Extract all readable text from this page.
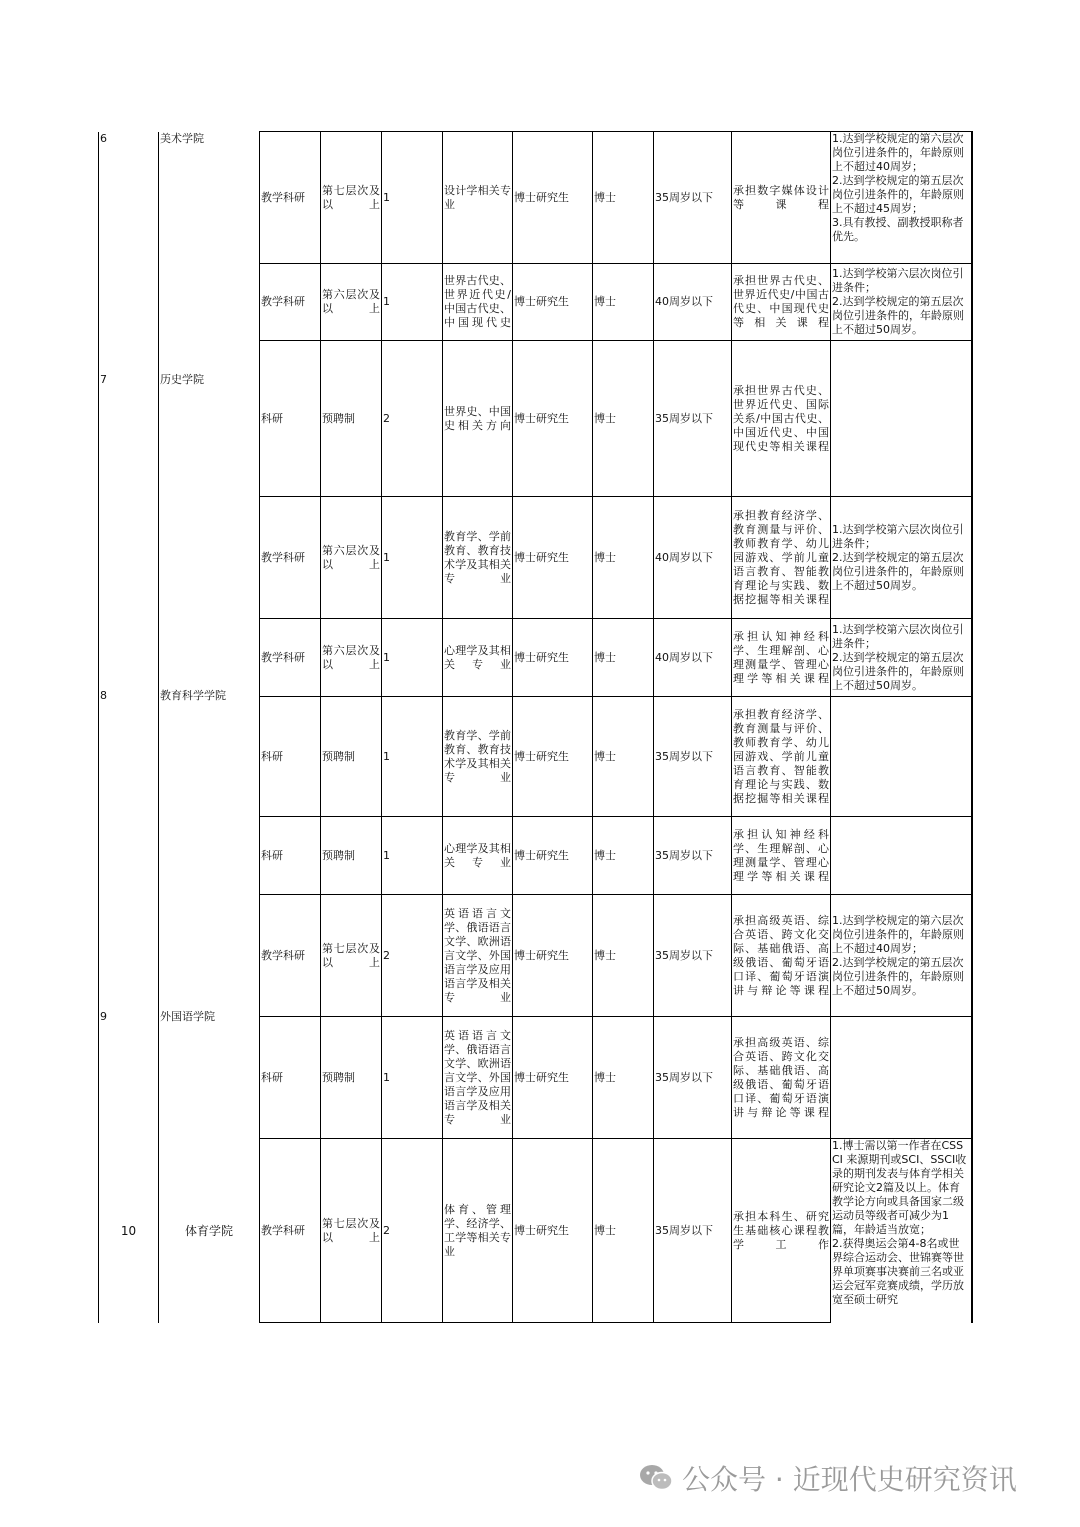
6	美术学院	教学科研	第七层次及以上	1	设计学相关专业	博士研究生	博士	35周岁以下	承担数字媒体设计等课程	1.达到学校规定的第六层次岗位引进条件的，年龄原则上不超过40周岁；
2.达到学校规定的第五层次岗位引进条件的，年龄原则上不超过45周岁；
3.具有教授、副教授职称者优先。
7	历史学院	教学科研	第六层次及以上	1	世界古代史、世界近代史/中国古代史、中国现代史	博士研究生	博士	40周岁以下	承担世界古代史、世界近代史/中国古代史、中国现代史等相关课程	1.达到学校第六层次岗位引进条件；
2.达到学校规定的第五层次岗位引进条件的，年龄原则上不超过50周岁。
		科研	预聘制	2	世界史、中国史相关方向	博士研究生	博士	35周岁以下	承担世界古代史、世界近代史、国际关系/中国古代史、中国近代史、中国现代史等相关课程	
8	教育科学学院	教学科研	第六层次及以上	1	教育学、学前教育、教育技术学及其相关专业	博士研究生	博士	40周岁以下	承担教育经济学、教育测量与评价、教师教育学、幼儿园游戏、学前儿童语言教育、智能教育理论与实践、数据挖掘等相关课程	1.达到学校第六层次岗位引进条件；
2.达到学校规定的第五层次岗位引进条件的，年龄原则上不超过50周岁。
		教学科研	第六层次及以上	1	心理学及其相关专业	博士研究生	博士	40周岁以下	承担认知神经科学、生理解剖、心理测量学、管理心理学等相关课程	1.达到学校第六层次岗位引进条件；
2.达到学校规定的第五层次岗位引进条件的，年龄原则上不超过50周岁。
		科研	预聘制	1	教育学、学前教育、教育技术学及其相关专业	博士研究生	博士	35周岁以下	承担教育经济学、教育测量与评价、教师教育学、幼儿园游戏、学前儿童语言教育、智能教育理论与实践、数据挖掘等相关课程	
		科研	预聘制	1	心理学及其相关专业	博士研究生	博士	35周岁以下	承担认知神经科学、生理解剖、心理测量学、管理心理学等相关课程	
9	外国语学院	教学科研	第七层次及以上	2	英语语言文学、俄语语言文学、欧洲语言文学、外国语言学及应用语言学及相关专业	博士研究生	博士	35周岁以下	承担高级英语、综合英语、跨文化交际、基础俄语、高级俄语、葡萄牙语口译、葡萄牙语演讲与辩论等课程	1.达到学校规定的第六层次岗位引进条件的，年龄原则上不超过40周岁；
2.达到学校规定的第五层次岗位引进条件的，年龄原则上不超过50周岁。
		科研	预聘制	1	英语语言文学、俄语语言文学、欧洲语言文学、外国语言学及应用语言学及相关专业	博士研究生	博士	35周岁以下	承担高级英语、综合英语、跨文化交际、基础俄语、高级俄语、葡萄牙语口译、葡萄牙语演讲与辩论等课程	
10	体育学院	教学科研	第七层次及以上	2	体育、管理学、经济学、工学等相关专业	博士研究生	博士	35周岁以下	承担本科生、研究生基础核心课程教学工作	1.博士需以第一作者在CSSCI 来源期刊或SCI、SSCI收录的期刊发表与体育学相关研究论文2篇及以上。体育教学论方向或具备国家二级运动员等级者可减少为1篇，年龄适当放宽；
2.获得奥运会第4-8名或世界综合运动会、世锦赛等世界单项赛事决赛前三名或亚运会冠军竞赛成绩，学历放宽至硕士研究
公众号 · 近现代史研究资讯
